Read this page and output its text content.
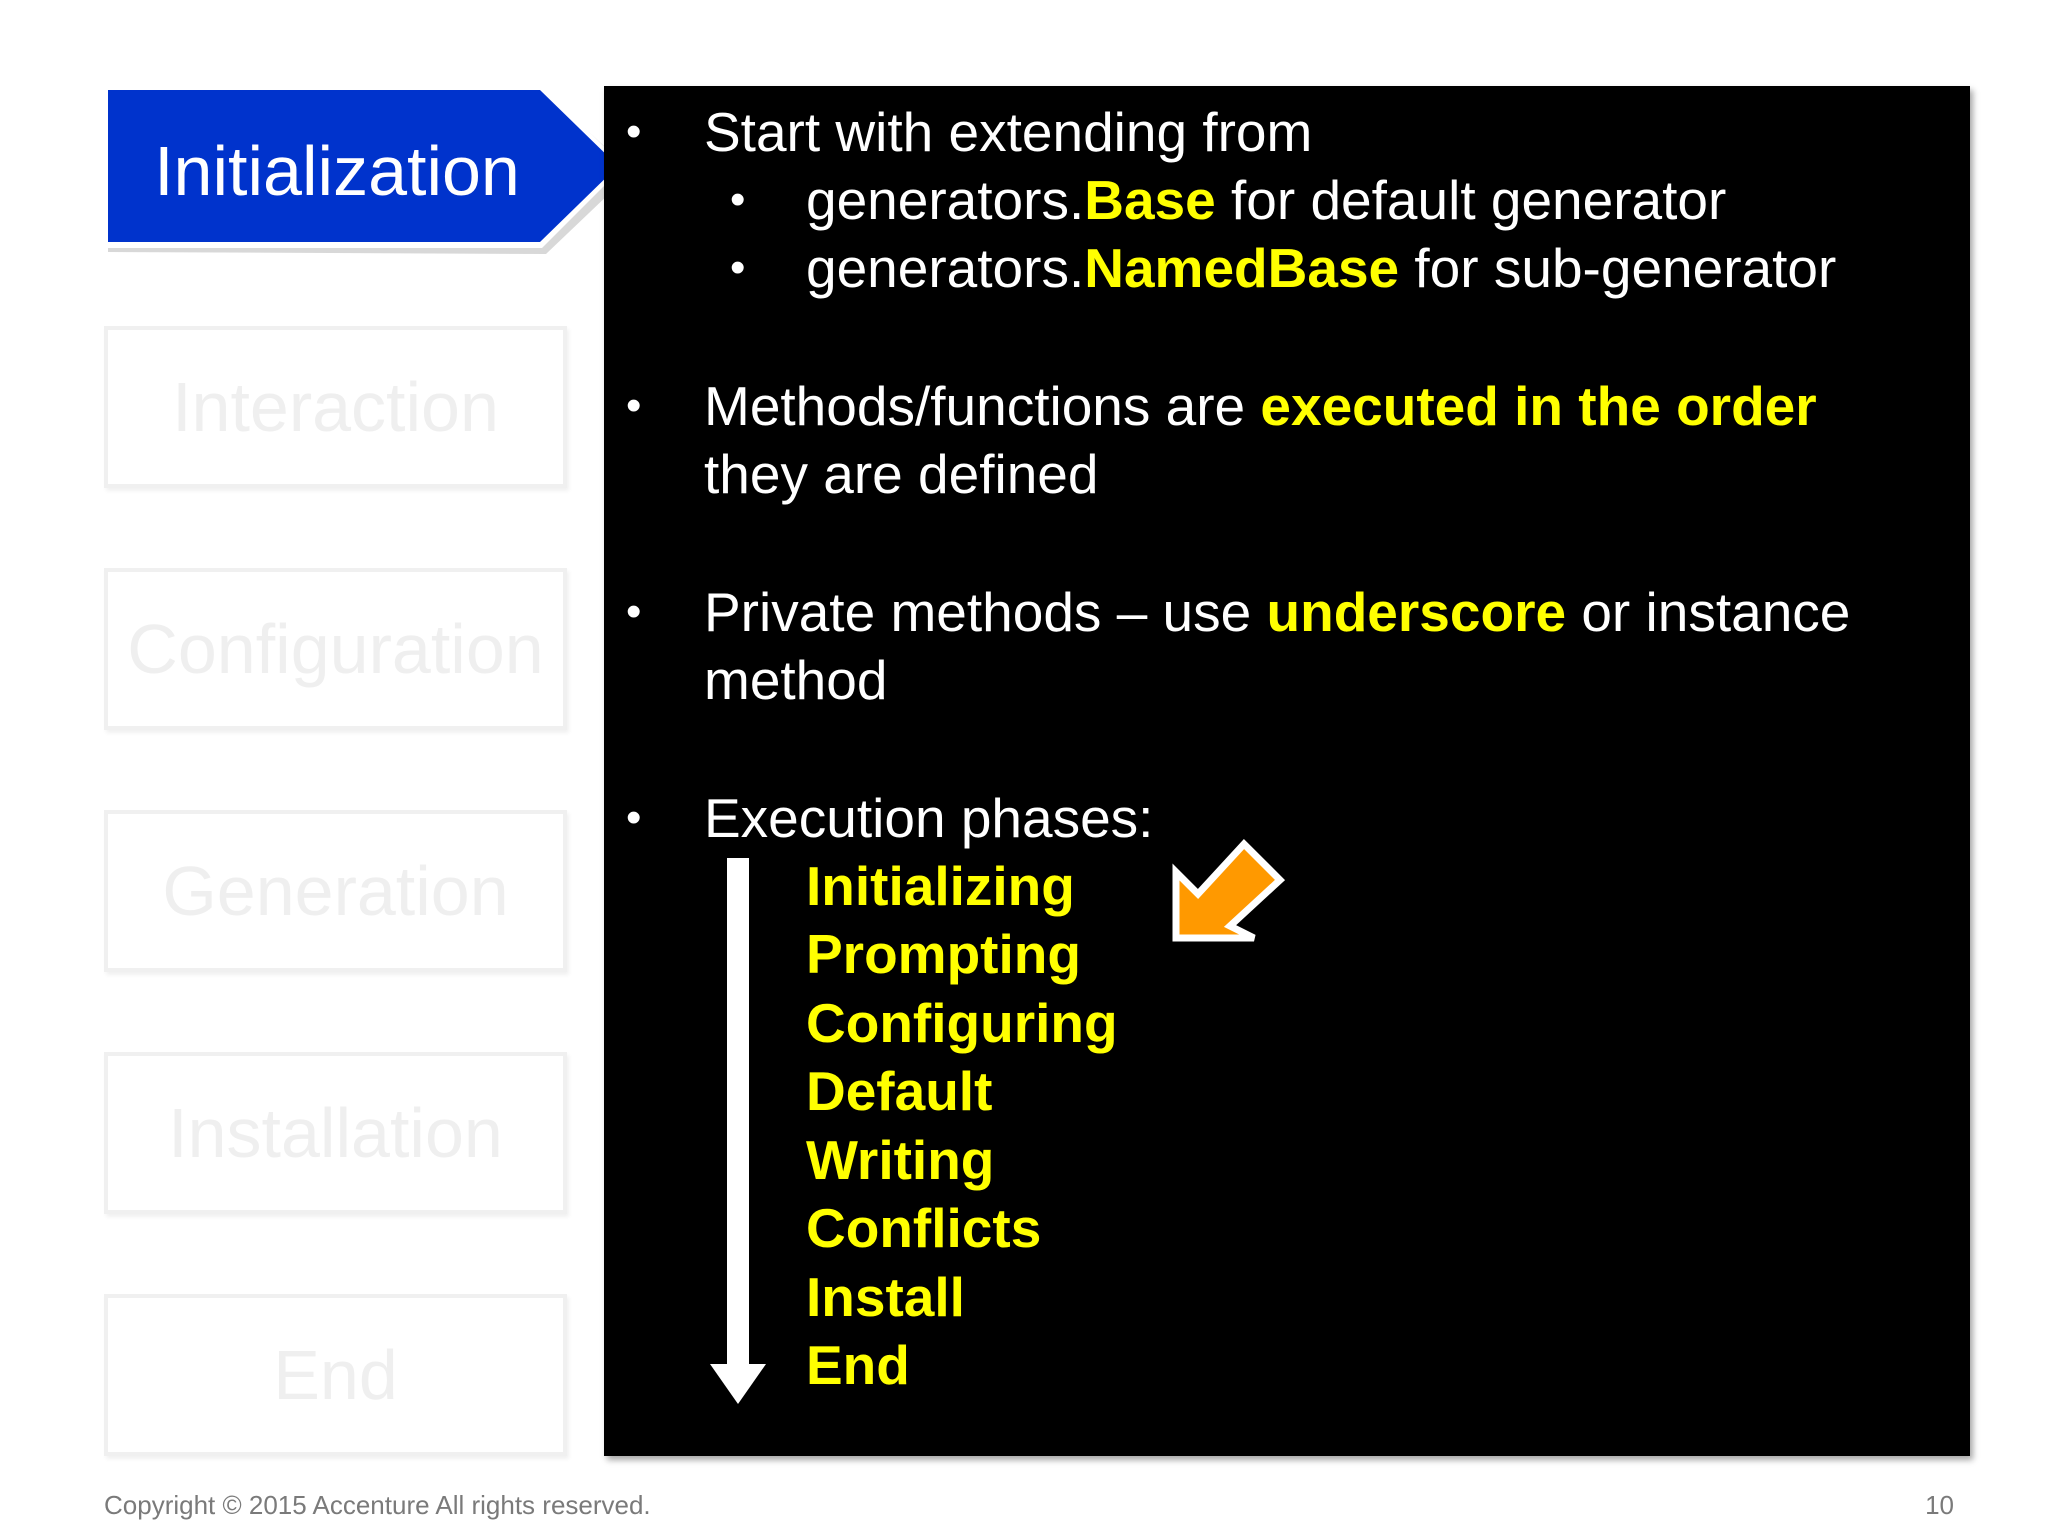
Initialization
Interaction
Configuration
Generation
Installation
End
• Start with extending from
• generators.Base for default generator
• generators.NamedBase for sub-generator
• Methods/functions are executed in the order
they are defined
• Private methods – use underscore or instance
method
• Execution phases:
Initializing
Prompting
Configuring
Default
Writing
Conflicts
Install
End
Copyright © 2015 Accenture All rights reserved.	10
